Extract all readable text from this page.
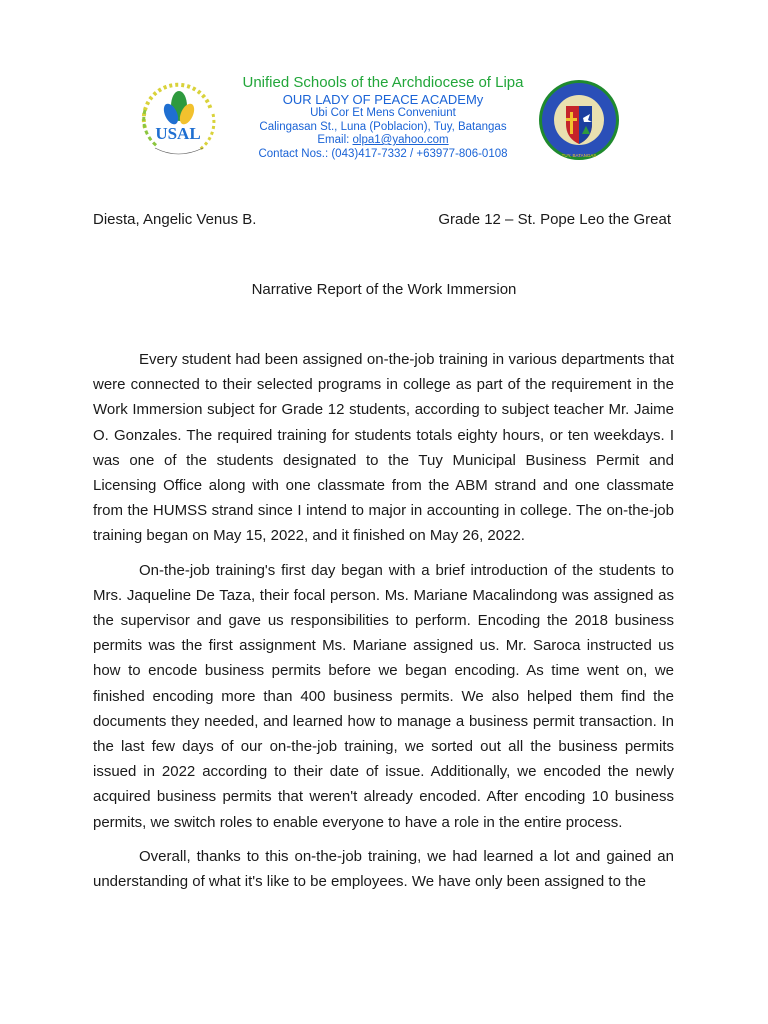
USAL
Unified Schools of the Archdiocese of Lipa
OUR LADY OF PEACE ACADEMy
Ubi Cor Et Mens Conveniunt
Calingasan St., Luna (Poblacion), Tuy, Batangas
Email: olpa1@yahoo.com
Contact Nos.: (043)417-7332 / +63977-806-0108	TUY, BATANGAS
Diesta, Angelic Venus B.	Grade 12 – St. Pope Leo the Great
Narrative Report of the Work Immersion

Every student had been assigned on-the-job training in various departments that were connected to their selected programs in college as part of the requirement in the Work Immersion subject for Grade 12 students, according to subject teacher Mr. Jaime O. Gonzales. The required training for students totals eighty hours, or ten weekdays. I was one of the students designated to the Tuy Municipal Business Permit and Licensing Office along with one classmate from the ABM strand and one classmate from the HUMSS strand since I intend to major in accounting in college. The on-the-job training began on May 15, 2022, and it finished on May 26, 2022.

On-the-job training's first day began with a brief introduction of the students to Mrs. Jaqueline De Taza, their focal person. Ms. Mariane Macalindong was assigned as the supervisor and gave us responsibilities to perform. Encoding the 2018 business permits was the first assignment Ms. Mariane assigned us. Mr. Saroca instructed us how to encode business permits before we began encoding. As time went on, we finished encoding more than 400 business permits. We also helped them find the documents they needed, and learned how to manage a business permit transaction. In the last few days of our on-the-job training, we sorted out all the business permits issued in 2022 according to their date of issue. Additionally, we encoded the newly acquired business permits that weren't already encoded. After encoding 10 business permits, we switch roles to enable everyone to have a role in the entire process.

Overall, thanks to this on-the-job training, we had learned a lot and gained an understanding of what it's like to be employees. We have only been assigned to the
